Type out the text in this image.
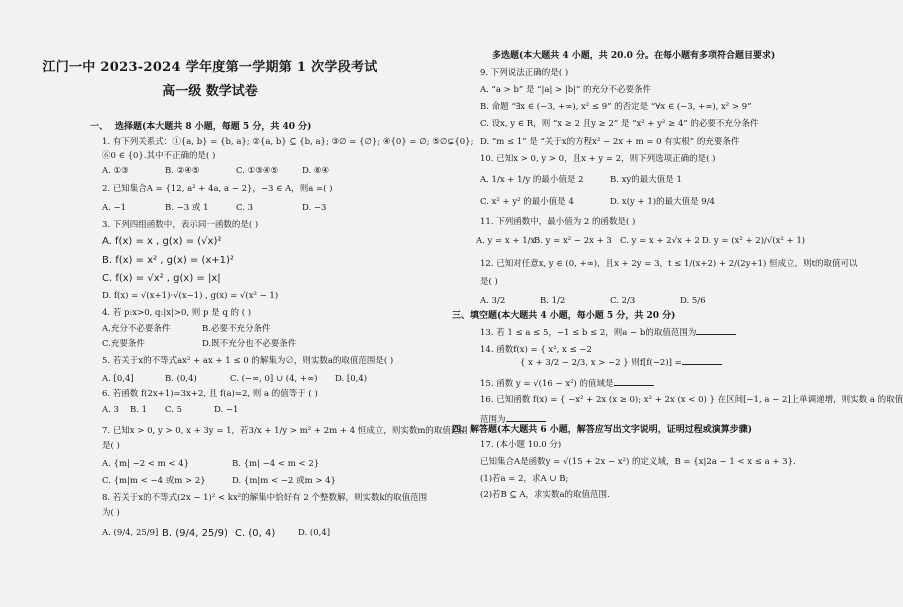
江门一中 2023-2024 学年度第一学期第 1 次学段考试
高一级 数学试卷
一、 选择题(本大题共 8 小题，每题 5 分，共 40 分)
1. 有下列关系式：①{a, b} = {b, a}; ②{a, b} ⊆ {b, a}; ③∅ = {∅}; ④{0} = ∅; ⑤∅⊊{0};
⑥0 ∈ {0}.其中不正确的是( )
A. ①③	B. ②④⑤	C. ①③④⑤	D. ⑥④
2. 已知集合A = {12, a² + 4a, a − 2}，−3 ∈ A，则a =( )
A. −1	B. −3 或 1	C. 3	D. −3
3. 下列四组函数中，表示同一函数的是( )
A. f(x) = x , g(x) = (√x)²
B. f(x) = x² , g(x) = (x+1)²
C. f(x) = √x² , g(x) = |x|
D. f(x) = √(x+1)·√(x−1) , g(x) = √(x² − 1)
4. 若 p:x>0, q:|x|>0, 则 p 是 q 的 ( )
A.充分不必要条件	B.必要不充分条件
C.充要条件	D.既不充分也不必要条件
5. 若关于x的不等式ax² + ax + 1 ≤ 0 的解集为∅，则实数a的取值范围是( )
A. [0,4]	B. (0,4)	C. (−∞, 0] ∪ (4, +∞) D. [0,4)
6. 若函数 f(2x+1)=3x+2, 且 f(a)=2, 则 a 的值等于 ( )
A. 3 B. 1 C. 5	D. −1
7. 已知x > 0, y > 0, x + 3y = 1，若3/x + 1/y > m² + 2m + 4 恒成立，则实数m的取值范围
是( )
A. {m| −2 < m < 4}	B. {m| −4 < m < 2}
C. {m|m < −4 或m > 2}	D. {m|m < −2 或m > 4}
8. 若关于x的不等式(2x − 1)² < kx²的解集中恰好有 2 个整数解，则实数k的取值范围
为( )
A. (9/4, 25/9] B. (9/4, 25/9) C. (0, 4)	D. (0,4]
多选题(本大题共 4 小题，共 20.0 分。在每小题有多项符合题目要求)
9. 下列说法正确的是( )
A. “a > b” 是 “|a| > |b|” 的充分不必要条件
B. 命题 “∃x ∈ (−3, +∞), x² ≤ 9” 的否定是 “∀x ∈ (−3, +∞), x² > 9”
C. 设x, y ∈ R，则 “x ≥ 2 且y ≥ 2” 是 “x² + y² ≥ 4” 的必要不充分条件
D. “m ≤ 1” 是 “关于x的方程x² − 2x + m = 0 有实根” 的充要条件
10. 已知x > 0, y > 0，且x + y = 2，则下列选项正确的是( )
A. 1/x + 1/y 的最小值是 2	B. xy的最大值是 1
C. x² + y² 的最小值是 4	D. x(y + 1)的最大值是 9/4
11. 下列函数中，最小值为 2 的函数是( )
A. y = x + 1/x
B. y = x² − 2x + 3 C. y = x + 2√x + 2 D. y = (x² + 2)/√(x² + 1)
12. 已知对任意x, y ∈ (0, +∞)，且x + 2y = 3，t ≤ 1/(x+2) + 2/(2y+1) 恒成立，则t的取值可以
是( )
A. 3/2	B. 1/2	C. 2/3	D. 5/6
三、填空题(本大题共 4 小题，每小题 5 分，共 20 分)
13. 若 1 ≤ a ≤ 5，−1 ≤ b ≤ 2，则a − b的取值范围为
14. 函数f(x) = { x², x ≤ −2
{ x + 3/2 − 2/3, x > −2 } 则f[f(−2)] =
15. 函数 y = √(16 − x²) 的值域是
16. 已知函数 f(x) = { −x² + 2x (x ≥ 0); x² + 2x (x < 0) } 在区间[−1, a − 2]上单调递增，则实数 a 的取值
范围为
四、解答题(本大题共 6 小题，解答应写出文字说明，证明过程或演算步骤)
17. (本小题 10.0 分)
已知集合A是函数y = √(15 + 2x − x²) 的定义域，B = {x|2a − 1 < x ≤ a + 3}.
(1)若a = 2，求A ∪ B;
(2)若B ⊆ A，求实数a的取值范围.
